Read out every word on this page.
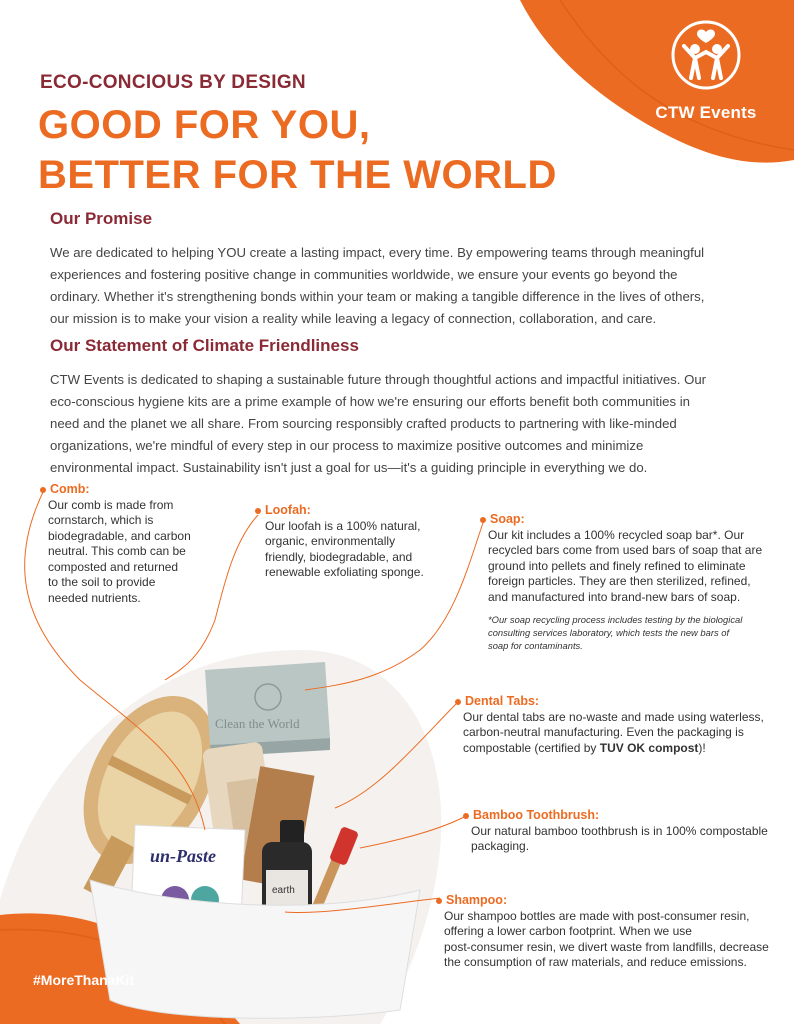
Clean the World
un-Paste
earth
CTW Events
ECO-CONCIOUS BY DESIGN
GOOD FOR YOU,
BETTER FOR THE WORLD
Our Promise
We are dedicated to helping YOU create a lasting impact, every time. By empowering teams through meaningful
experiences and fostering positive change in communities worldwide, we ensure your events go beyond the
ordinary. Whether it's strengthening bonds within your team or making a tangible difference in the lives of others,
our mission is to make your vision a reality while leaving a legacy of connection, collaboration, and care.
Our Statement of Climate Friendliness
CTW Events is dedicated to shaping a sustainable future through thoughtful actions and impactful initiatives. Our
eco-conscious hygiene kits are a prime example of how we're ensuring our efforts benefit both communities in
need and the planet we all share. From sourcing responsibly crafted products to partnering with like-minded
organizations, we're mindful of every step in our process to maximize positive outcomes and minimize
environmental impact. Sustainability isn't just a goal for us—it's a guiding principle in everything we do.
Comb:
Our comb is made from
cornstarch, which is
biodegradable, and carbon
neutral. This comb can be
composted and returned
to the soil to provide
needed nutrients.
Loofah:
Our loofah is a 100% natural,
organic, environmentally
friendly, biodegradable, and
renewable exfoliating sponge.
Soap:
Our kit includes a 100% recycled soap bar*. Our
recycled bars come from used bars of soap that are
ground into pellets and finely refined to eliminate
foreign particles. They are then sterilized, refined,
and manufactured into brand-new bars of soap.
*Our soap recycling process includes testing by the biological
consulting services laboratory, which tests the new bars of
soap for contaminants.
Dental Tabs:
Our dental tabs are no-waste and made using waterless,
carbon-neutral manufacturing. Even the packaging is
compostable (certified by TUV OK compost)!
Bamboo Toothbrush:
Our natural bamboo toothbrush is in 100% compostable
packaging.
Shampoo:
Our shampoo bottles are made with post-consumer resin,
offering a lower carbon footprint. When we use
post-consumer resin, we divert waste from landfills, decrease
the consumption of raw materials, and reduce emissions.
#MoreThanaKit
